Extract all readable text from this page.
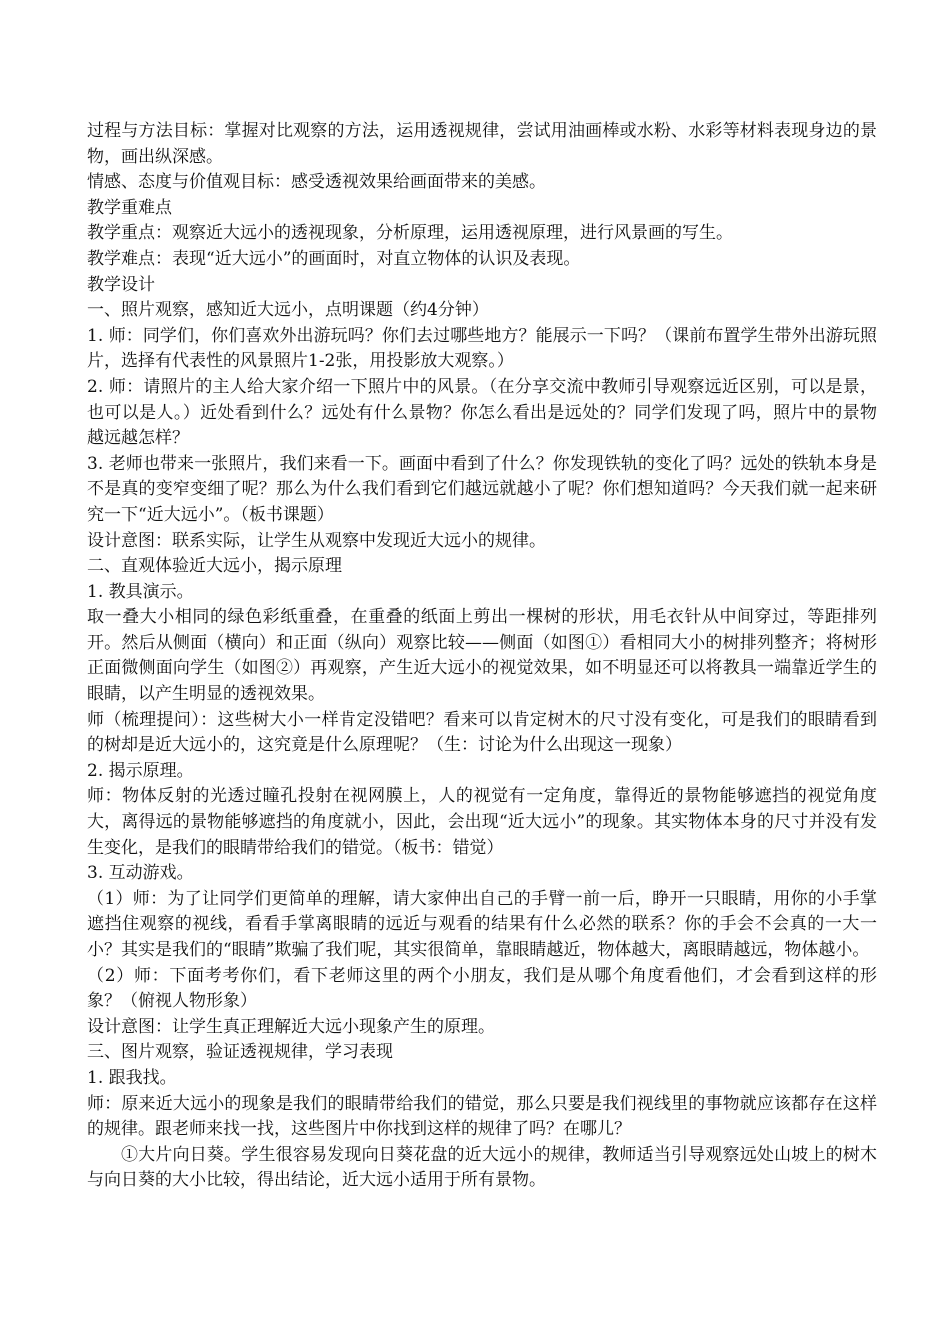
过程与方法目标：掌握对比观察的方法，运用透视规律，尝试用油画棒或水粉、水彩等材料表现身边的景物，画出纵深感。

情感、态度与价值观目标：感受透视效果给画面带来的美感。

教学重难点

教学重点：观察近大远小的透视现象，分析原理，运用透视原理，进行风景画的写生。

教学难点：表现“近大远小”的画面时，对直立物体的认识及表现。

教学设计

一、照片观察，感知近大远小，点明课题（约4分钟）

1. 师：同学们，你们喜欢外出游玩吗？你们去过哪些地方？能展示一下吗？（课前布置学生带外出游玩照片，选择有代表性的风景照片1-2张，用投影放大观察。）

2. 师：请照片的主人给大家介绍一下照片中的风景。（在分享交流中教师引导观察远近区别，可以是景，也可以是人。）近处看到什么？远处有什么景物？你怎么看出是远处的？同学们发现了吗，照片中的景物越远越怎样？

3. 老师也带来一张照片，我们来看一下。画面中看到了什么？你发现铁轨的变化了吗？远处的铁轨本身是不是真的变窄变细了呢？那么为什么我们看到它们越远就越小了呢？你们想知道吗？今天我们就一起来研究一下“近大远小”。（板书课题）

设计意图：联系实际，让学生从观察中发现近大远小的规律。

二、直观体验近大远小，揭示原理

1. 教具演示。

取一叠大小相同的绿色彩纸重叠，在重叠的纸面上剪出一棵树的形状，用毛衣针从中间穿过，等距排列开。然后从侧面（横向）和正面（纵向）观察比较——侧面（如图①）看相同大小的树排列整齐；将树形正面微侧面向学生（如图②）再观察，产生近大远小的视觉效果，如不明显还可以将教具一端靠近学生的眼睛，以产生明显的透视效果。

师（梳理提问）：这些树大小一样肯定没错吧？看来可以肯定树木的尺寸没有变化，可是我们的眼睛看到的树却是近大远小的，这究竟是什么原理呢？（生：讨论为什么出现这一现象）

2. 揭示原理。

师：物体反射的光透过瞳孔投射在视网膜上，人的视觉有一定角度，靠得近的景物能够遮挡的视觉角度大，离得远的景物能够遮挡的角度就小，因此，会出现“近大远小”的现象。其实物体本身的尺寸并没有发生变化，是我们的眼睛带给我们的错觉。（板书：错觉）

3. 互动游戏。

（1）师：为了让同学们更简单的理解，请大家伸出自己的手臂一前一后，睁开一只眼睛，用你的小手掌遮挡住观察的视线，看看手掌离眼睛的远近与观看的结果有什么必然的联系？你的手会不会真的一大一小？其实是我们的“眼睛”欺骗了我们呢，其实很简单，靠眼睛越近，物体越大，离眼睛越远，物体越小。

（2）师：下面考考你们，看下老师这里的两个小朋友，我们是从哪个角度看他们，才会看到这样的形象？（俯视人物形象）

设计意图：让学生真正理解近大远小现象产生的原理。

三、图片观察，验证透视规律，学习表现

1. 跟我找。

师：原来近大远小的现象是我们的眼睛带给我们的错觉，那么只要是我们视线里的事物就应该都存在这样的规律。跟老师来找一找，这些图片中你找到这样的规律了吗？在哪儿？

①大片向日葵。学生很容易发现向日葵花盘的近大远小的规律，教师适当引导观察远处山坡上的树木与向日葵的大小比较，得出结论，近大远小适用于所有景物。
